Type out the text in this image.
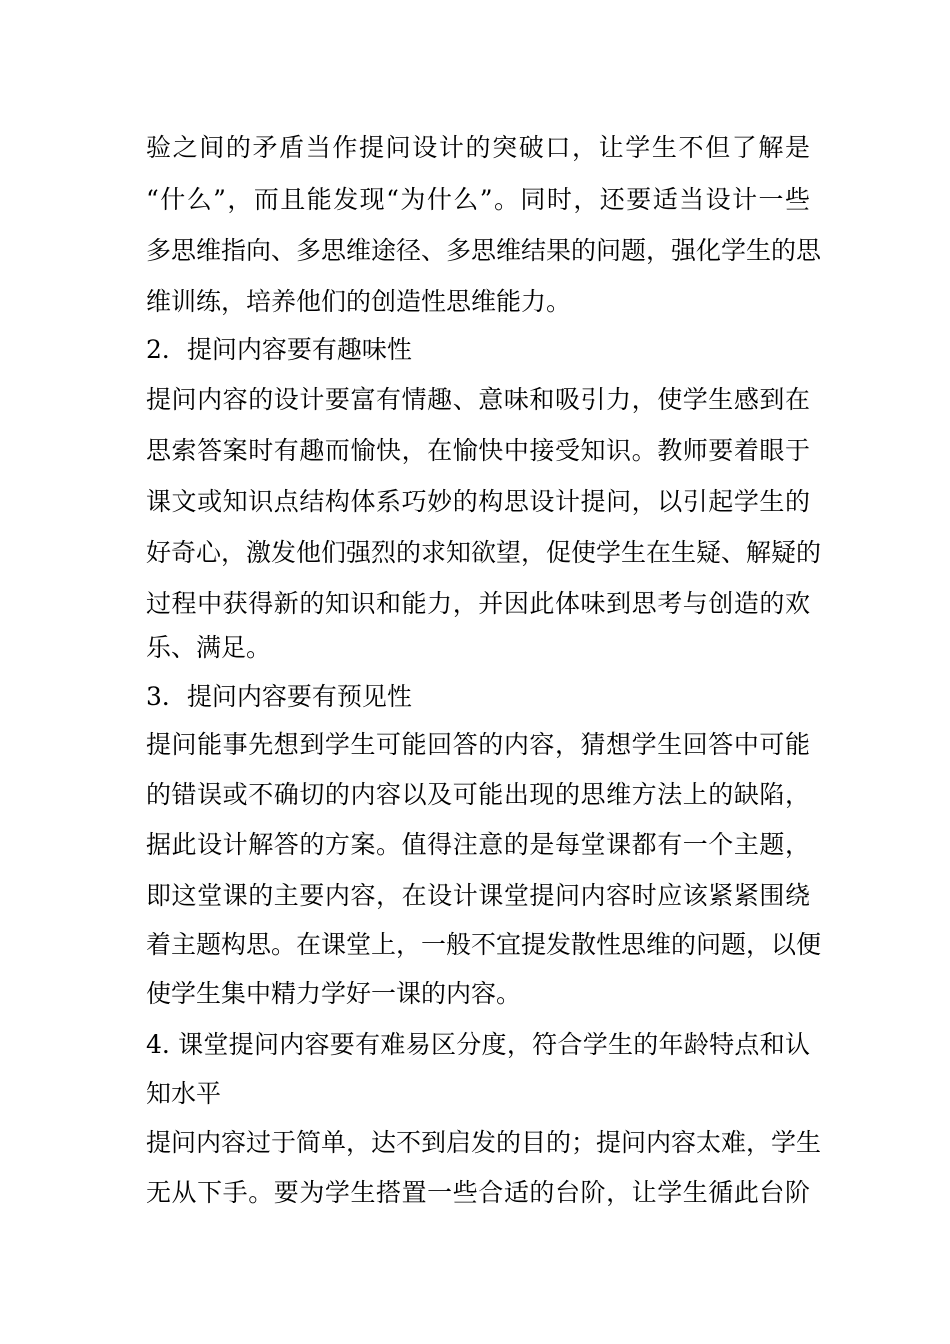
验之间的矛盾当作提问设计的突破口，让学生不但了解是
“什么”，而且能发现“为什么”。同时，还要适当设计一些
多思维指向、多思维途径、多思维结果的问题，强化学生的思
维训练，培养他们的创造性思维能力。
2．提问内容要有趣味性
提问内容的设计要富有情趣、意味和吸引力，使学生感到在
思索答案时有趣而愉快，在愉快中接受知识。教师要着眼于
课文或知识点结构体系巧妙的构思设计提问，以引起学生的
好奇心，激发他们强烈的求知欲望，促使学生在生疑、解疑的
过程中获得新的知识和能力，并因此体味到思考与创造的欢
乐、满足。
3．提问内容要有预见性
提问能事先想到学生可能回答的内容，猜想学生回答中可能
的错误或不确切的内容以及可能出现的思维方法上的缺陷，
据此设计解答的方案。值得注意的是每堂课都有一个主题，
即这堂课的主要内容，在设计课堂提问内容时应该紧紧围绕
着主题构思。在课堂上，一般不宜提发散性思维的问题，以便
使学生集中精力学好一课的内容。
4. 课堂提问内容要有难易区分度，符合学生的年龄特点和认
知水平
提问内容过于简单，达不到启发的目的；提问内容太难，学生
无从下手。要为学生搭置一些合适的台阶，让学生循此台阶
